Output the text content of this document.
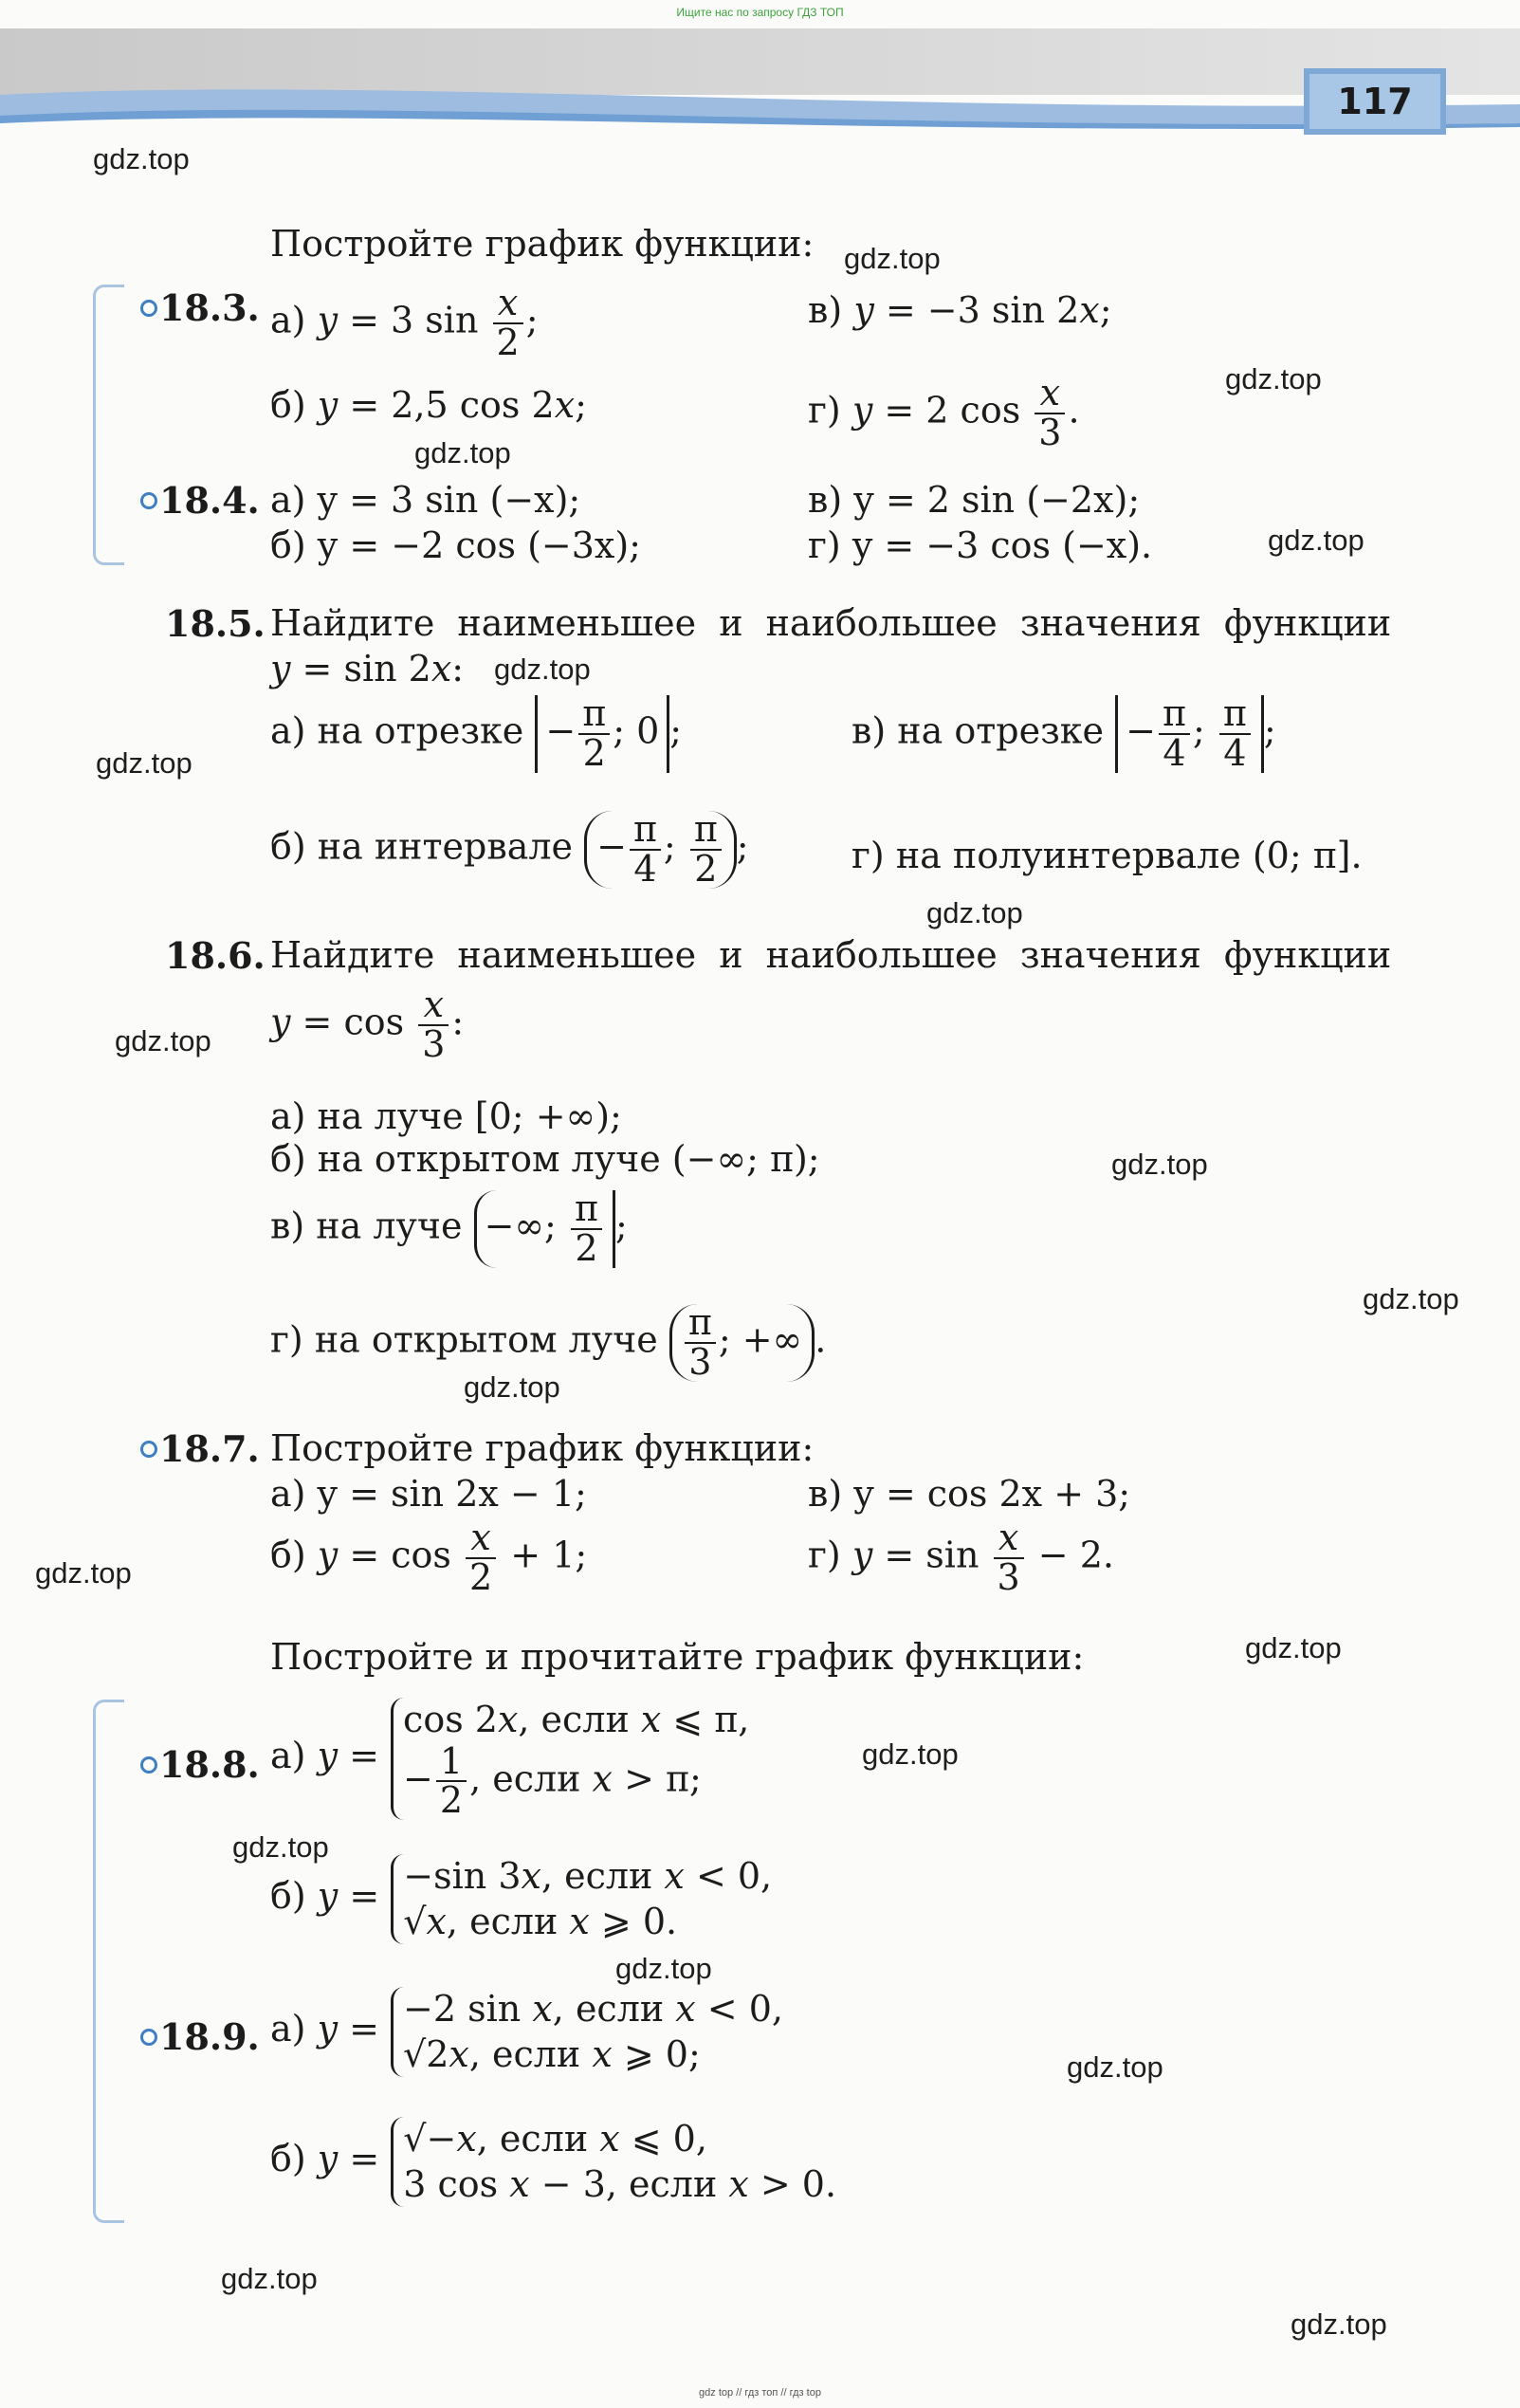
Ищите нас по запросу ГДЗ ТОП
117
gdz.top
gdz.top
gdz.top
gdz.top
gdz.top
gdz.top
gdz.top
gdz.top
gdz.top
gdz.top
gdz.top
gdz.top
gdz.top
gdz.top
gdz.top
gdz.top
gdz.top
gdz.top
gdz.top
gdz.top
Постройте график функции:
18.3. а) y = 3 $\sin \frac{x}{2}$ ;	в) y = −3 sin 2x;
б) y = 2,5 cos 2x;	г) y = 2 $\cos \frac{x}{3}$ .
18.4. а) y = 3 sin (−x);	в) y = 2 sin (−2x);
б) y = −2 cos (−3x);	г) y = −3 cos (−x).
18.5. Найдите наименьшее и наибольшее значения функции
y = sin 2x:
а) на отрезке − $\frac{\pi}{2}$ ; 0 ;	в) на отрезке − $\frac{\pi}{4}$ ; $\frac{\pi}{4}$ ;
б) на интервале − $\frac{\pi}{4}$ ; $\frac{\pi}{2}$ ;	г) на полуинтервале (0; π].
18.6. Найдите наименьшее и наибольшее значения функции
$y = \cos \frac{x}{3}$ :
а) на луче [0; +∞);
б) на открытом луче (−∞; π);
в) на луче −∞; $\frac{\pi}{2}$ ;
г) на открытом луче $\frac{\pi}{3}$ ; +∞ .
18.7. Постройте график функции:
а) y = sin 2x − 1;	в) y = cos 2x + 3;
б) $y = \cos \frac{x}{2} + 1$;	г) $y = \sin \frac{x}{3} - 2$.
Постройте и прочитайте график функции:
18.8. а) y =
cos 2x, если x ⩽ π,
− $\frac{1}{2}$ , если x > π;
б) y = −sin 3x, если x < 0,
√x, если x ⩾ 0.
18.9. а) y = −2 sin x, если x < 0,
√2x, если x ⩾ 0;
б) y = √−x, если x ⩽ 0,
3 cos x − 3, если x > 0.
gdz top // гдз топ // гдз top
